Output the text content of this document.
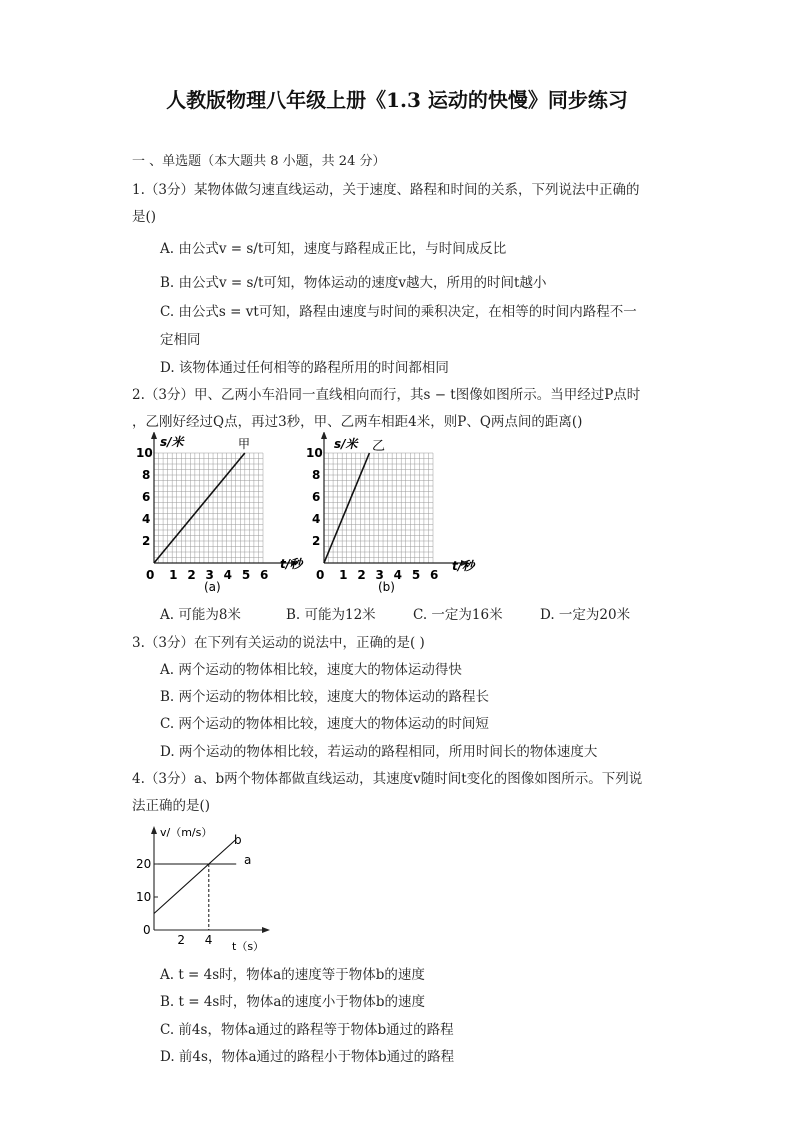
人教版物理八年级上册《1.3 运动的快慢》同步练习
一 、单选题（本大题共 8 小题，共 24 分）
1.（3分）某物体做匀速直线运动，关于速度、路程和时间的关系，下列说法中正确的
是()
A. 由公式v = s/t可知，速度与路程成正比，与时间成反比
B. 由公式v = s/t可知，物体运动的速度v越大，所用的时间t越小
C. 由公式s = vt可知，路程由速度与时间的乘积决定，在相等的时间内路程不一
定相同
D. 该物体通过任何相等的路程所用的时间都相同
2.（3分）甲、乙两小车沿同一直线相向而行，其s − t图像如图所示。当甲经过P点时
，乙刚好经过Q点，再过3秒，甲、乙两车相距4米，则P、Q两点间的距离()
0 1 2 3 4 5 6
2
4
6
8
10
s/米	甲
t/秒
(a)
0 1 2 3 4 5 6
2
4
6
8
10
s/米 乙
t/秒
(b)
A. 可能为8米	B. 可能为12米	C. 一定为16米	D. 一定为20米
3.（3分）在下列有关运动的说法中，正确的是( )
A. 两个运动的物体相比较，速度大的物体运动得快
B. 两个运动的物体相比较，速度大的物体运动的路程长
C. 两个运动的物体相比较，速度大的物体运动的时间短
D. 两个运动的物体相比较，若运动的路程相同，所用时间长的物体速度大
4.（3分）a、b两个物体都做直线运动，其速度v随时间t变化的图像如图所示。下列说
法正确的是()
0
10
20
2 4
v/（m/s）
t（s）
b
a
A. t = 4s时，物体a的速度等于物体b的速度
B. t = 4s时，物体a的速度小于物体b的速度
C. 前4s，物体a通过的路程等于物体b通过的路程
D. 前4s，物体a通过的路程小于物体b通过的路程
